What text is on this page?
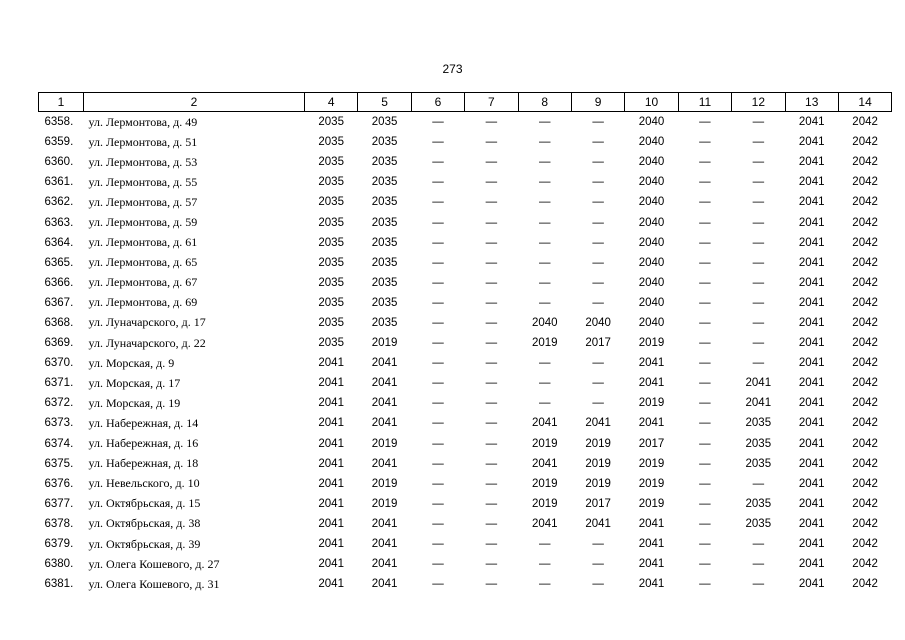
273
1	2	4	5	6	7	8	9	10	11	12	13	14
6358.	ул. Лермонтова, д. 49	2035	2035	—	—	—	—	2040	—	—	2041	2042
6359.	ул. Лермонтова, д. 51	2035	2035	—	—	—	—	2040	—	—	2041	2042
6360.	ул. Лермонтова, д. 53	2035	2035	—	—	—	—	2040	—	—	2041	2042
6361.	ул. Лермонтова, д. 55	2035	2035	—	—	—	—	2040	—	—	2041	2042
6362.	ул. Лермонтова, д. 57	2035	2035	—	—	—	—	2040	—	—	2041	2042
6363.	ул. Лермонтова, д. 59	2035	2035	—	—	—	—	2040	—	—	2041	2042
6364.	ул. Лермонтова, д. 61	2035	2035	—	—	—	—	2040	—	—	2041	2042
6365.	ул. Лермонтова, д. 65	2035	2035	—	—	—	—	2040	—	—	2041	2042
6366.	ул. Лермонтова, д. 67	2035	2035	—	—	—	—	2040	—	—	2041	2042
6367.	ул. Лермонтова, д. 69	2035	2035	—	—	—	—	2040	—	—	2041	2042
6368.	ул. Луначарского, д. 17	2035	2035	—	—	2040	2040	2040	—	—	2041	2042
6369.	ул. Луначарского, д. 22	2035	2019	—	—	2019	2017	2019	—	—	2041	2042
6370.	ул. Морская, д. 9	2041	2041	—	—	—	—	2041	—	—	2041	2042
6371.	ул. Морская, д. 17	2041	2041	—	—	—	—	2041	—	2041	2041	2042
6372.	ул. Морская, д. 19	2041	2041	—	—	—	—	2019	—	2041	2041	2042
6373.	ул. Набережная, д. 14	2041	2041	—	—	2041	2041	2041	—	2035	2041	2042
6374.	ул. Набережная, д. 16	2041	2019	—	—	2019	2019	2017	—	2035	2041	2042
6375.	ул. Набережная, д. 18	2041	2041	—	—	2041	2019	2019	—	2035	2041	2042
6376.	ул. Невельского, д. 10	2041	2019	—	—	2019	2019	2019	—	—	2041	2042
6377.	ул. Октябрьская, д. 15	2041	2019	—	—	2019	2017	2019	—	2035	2041	2042
6378.	ул. Октябрьская, д. 38	2041	2041	—	—	2041	2041	2041	—	2035	2041	2042
6379.	ул. Октябрьская, д. 39	2041	2041	—	—	—	—	2041	—	—	2041	2042
6380.	ул. Олега Кошевого, д. 27	2041	2041	—	—	—	—	2041	—	—	2041	2042
6381.	ул. Олега Кошевого, д. 31	2041	2041	—	—	—	—	2041	—	—	2041	2042
